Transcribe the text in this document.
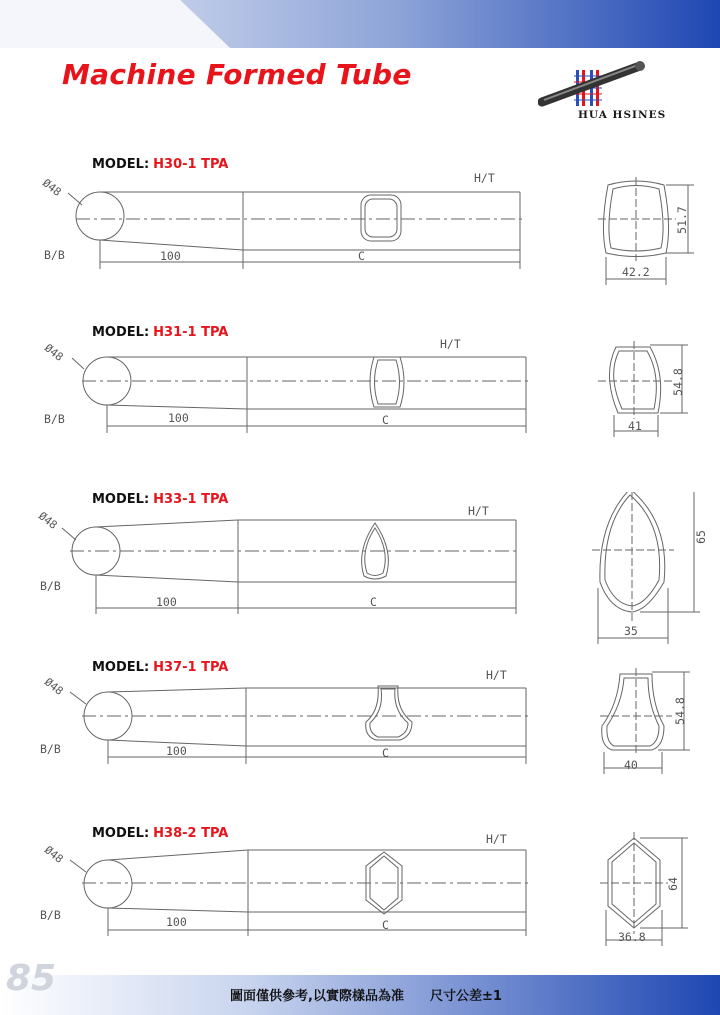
Machine Formed Tube
HUA HSINES
MODEL: H30-1 TPA
Ø48
B/B
H/T
100	C
42.2
51.7
MODEL: H31-1 TPA
Ø48
B/B
H/T
100	C	41
54.8
MODEL: H33-1 TPA
Ø48
B/B
H/T
100	C
35
65
MODEL: H37-1 TPA
Ø48
B/B
H/T
100	C
40
54.8
MODEL: H38-2 TPA
Ø48
B/B
H/T
100	C
36.8
64
85	圖面僅供參考,以實際樣品為准　　尺寸公差±1
